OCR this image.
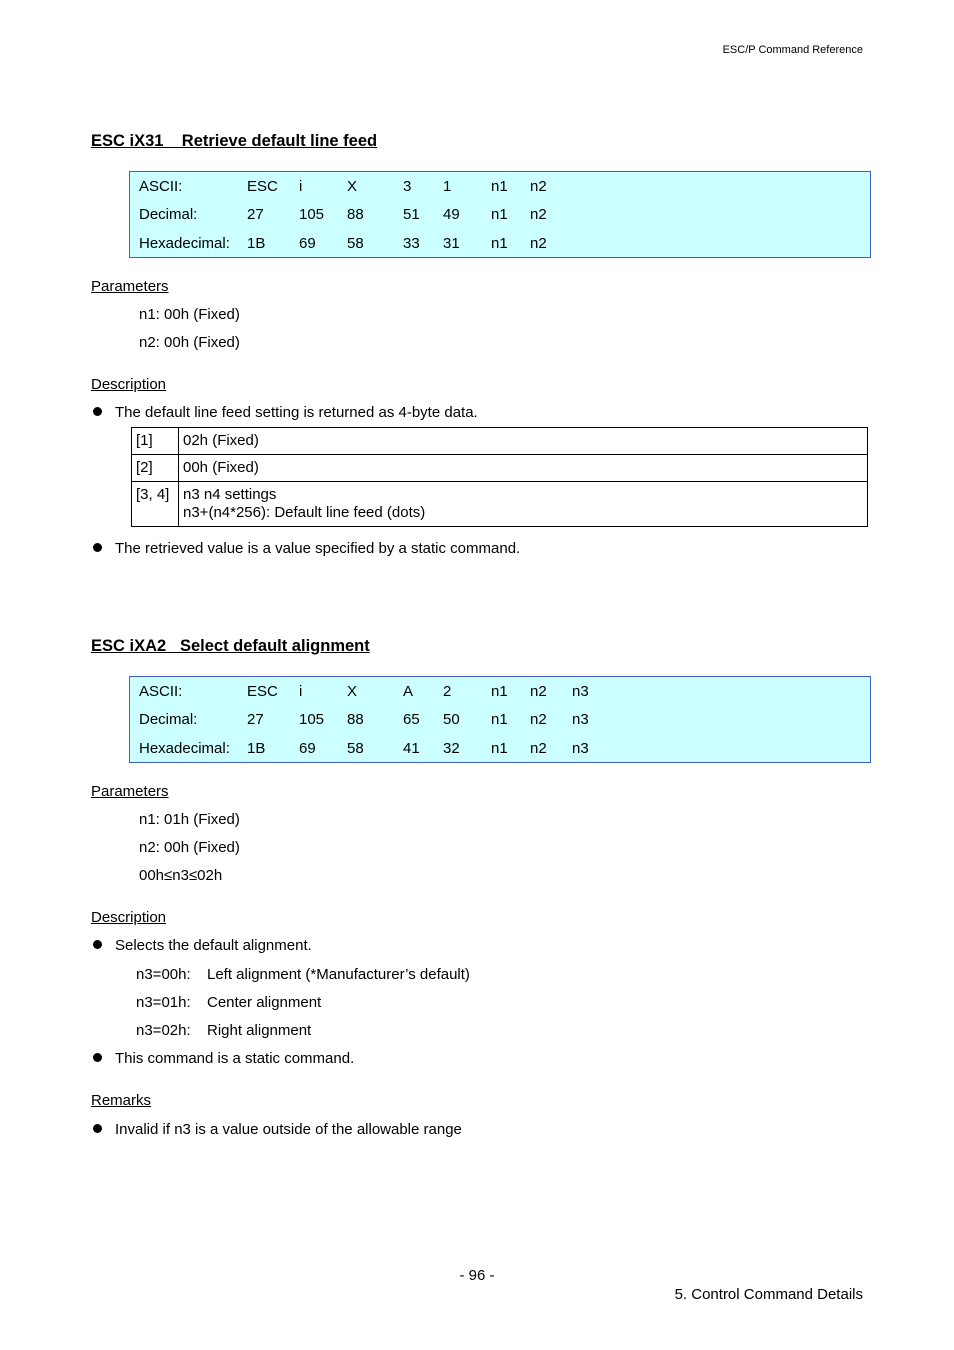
ESC/P Command Reference
ESC iX31    Retrieve default line feed
ASCII:	ESC i	X	3 1	n1 n2
Decimal:	27 105 88	51 49 n1 n2
Hexadecimal: 1B 69 58	33 31 n1 n2
Parameters
n1: 00h (Fixed)
n2: 00h (Fixed)
Description
The default line feed setting is returned as 4-byte data.
[1]	02h (Fixed)

[2]	00h (Fixed)

[3, 4]	n3 n4 settings
n3+(n4*256): Default line feed (dots)
The retrieved value is a value specified by a static command.
ESC iXA2   Select default alignment
ASCII:	ESC i	X	A 2	n1 n2 n3
Decimal:	27 105 88	65 50 n1 n2 n3
Hexadecimal: 1B 69 58	41 32 n1 n2 n3
Parameters
n1: 01h (Fixed)
n2: 00h (Fixed)
00h≤n3≤02h
Description
Selects the default alignment.
n3=00h: Left alignment (*Manufacturer’s default)
n3=01h: Center alignment
n3=02h: Right alignment
This command is a static command.
Remarks
Invalid if n3 is a value outside of the allowable range
- 96 -
5. Control Command Details
